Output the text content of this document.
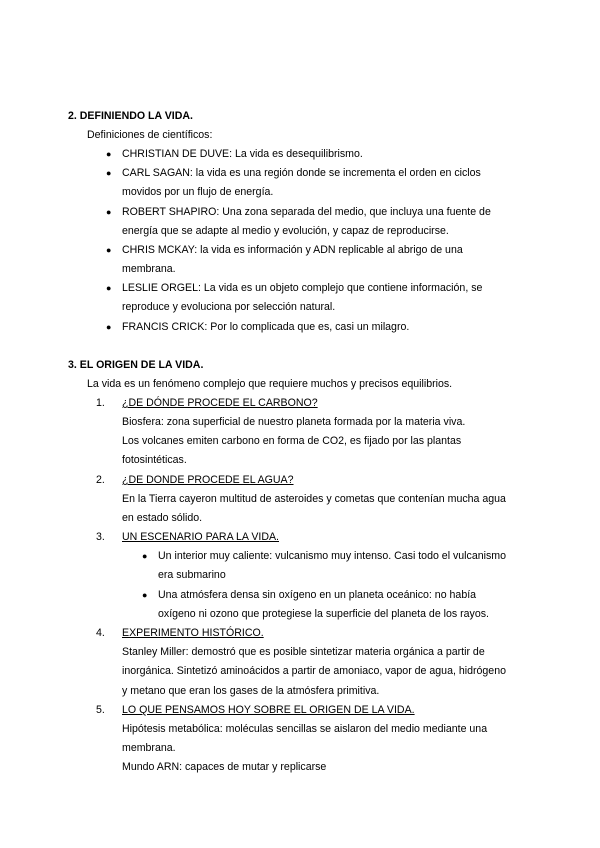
2. DEFINIENDO LA VIDA.
Definiciones de científicos:
● CHRISTIAN DE DUVE: La vida es desequilibrismo.
● CARL SAGAN: la vida es una región donde se incrementa el orden en ciclos
movidos por un flujo de energía.
● ROBERT SHAPIRO: Una zona separada del medio, que incluya una fuente de
energía que se adapte al medio y evolución, y capaz de reproducirse.
● CHRIS MCKAY: la vida es información y ADN replicable al abrigo de una
membrana.
● LESLIE ORGEL: La vida es un objeto complejo que contiene información, se
reproduce y evoluciona por selección natural.
● FRANCIS CRICK: Por lo complicada que es, casi un milagro.
3. EL ORIGEN DE LA VIDA.
La vida es un fenómeno complejo que requiere muchos y precisos equilibrios.
1. ¿DE DÓNDE PROCEDE EL CARBONO?
Biosfera: zona superficial de nuestro planeta formada por la materia viva.
Los volcanes emiten carbono en forma de CO2, es fijado por las plantas
fotosintéticas.
2. ¿DE DONDE PROCEDE EL AGUA?
En la Tierra cayeron multitud de asteroides y cometas que contenían mucha agua
en estado sólido.
3. UN ESCENARIO PARA LA VIDA.
● Un interior muy caliente: vulcanismo muy intenso. Casi todo el vulcanismo
era submarino
● Una atmósfera densa sin oxígeno en un planeta oceánico: no había
oxígeno ni ozono que protegiese la superficie del planeta de los rayos.
4. EXPERIMENTO HISTÓRICO.
Stanley Miller: demostró que es posible sintetizar materia orgánica a partir de
inorgánica. Sintetizó aminoácidos a partir de amoniaco, vapor de agua, hidrógeno
y metano que eran los gases de la atmósfera primitiva.
5. LO QUE PENSAMOS HOY SOBRE EL ORIGEN DE LA VIDA.
Hipótesis metabólica: moléculas sencillas se aislaron del medio mediante una
membrana.
Mundo ARN: capaces de mutar y replicarse
